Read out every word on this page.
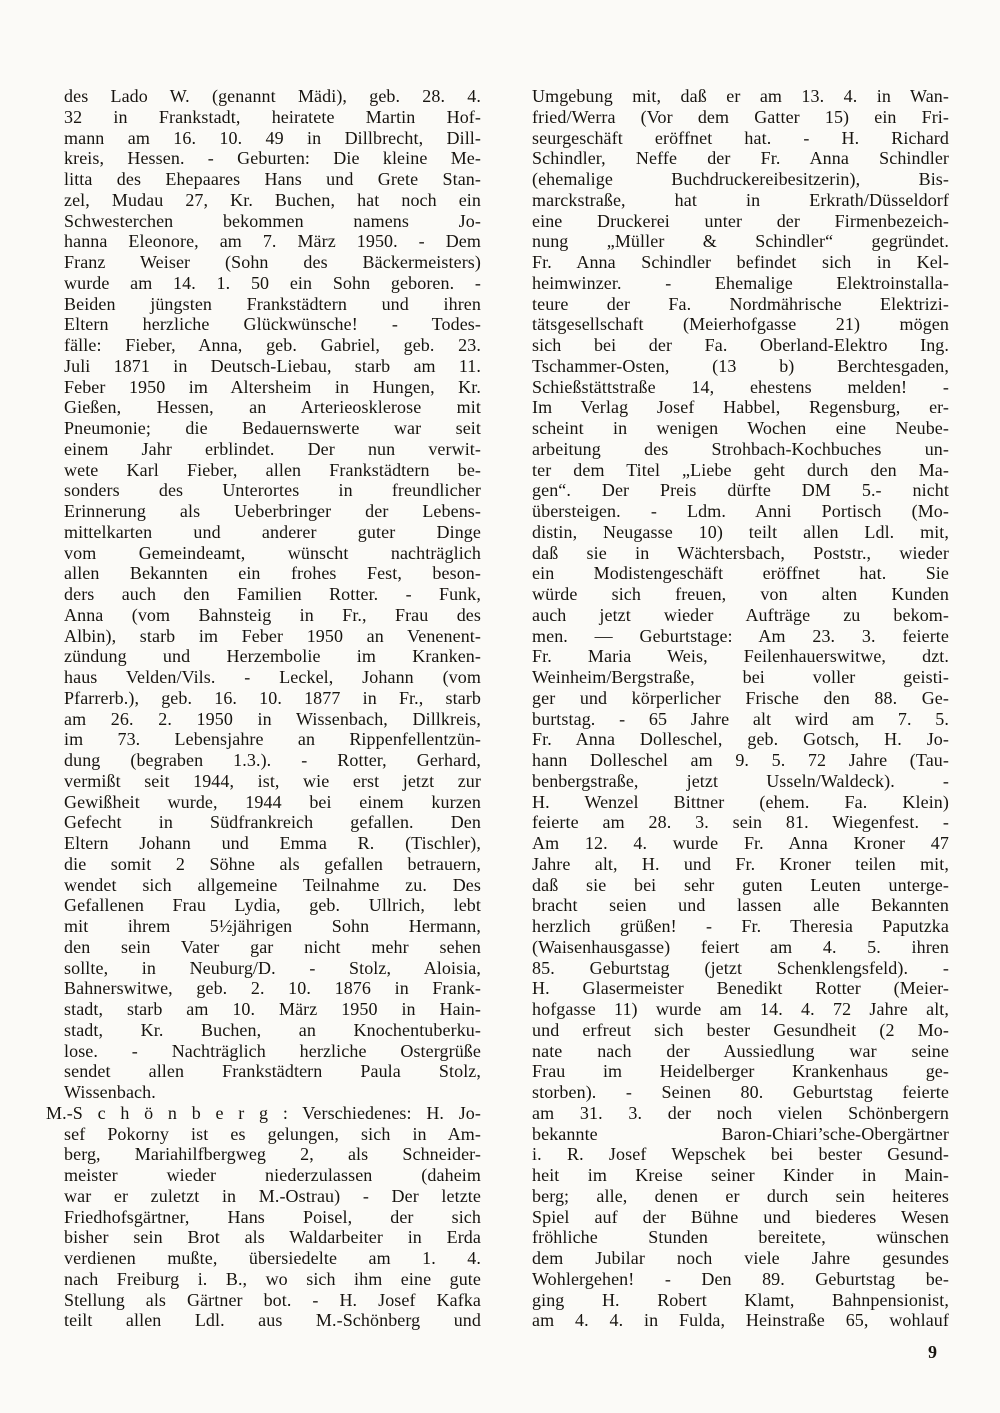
des Lado W. (genannt Mädi), geb. 28. 4.
32 in Frankstadt, heiratete Martin Hof-
mann am 16. 10. 49 in Dillbrecht, Dill-
kreis, Hessen. - Geburten: Die kleine Me-
litta des Ehepaares Hans und Grete Stan-
zel, Mudau 27, Kr. Buchen, hat noch ein
Schwesterchen bekommen namens Jo-
hanna Eleonore, am 7. März 1950. - Dem
Franz Weiser (Sohn des Bäckermeisters)
wurde am 14. 1. 50 ein Sohn geboren. -
Beiden jüngsten Frankstädtern und ihren
Eltern herzliche Glückwünsche! - Todes-
fälle: Fieber, Anna, geb. Gabriel, geb. 23.
Juli 1871 in Deutsch-Liebau, starb am 11.
Feber 1950 im Altersheim in Hungen, Kr.
Gießen, Hessen, an Arterieosklerose mit
Pneumonie; die Bedauernswerte war seit
einem Jahr erblindet. Der nun verwit-
wete Karl Fieber, allen Frankstädtern be-
sonders des Unterortes in freundlicher
Erinnerung als Ueberbringer der Lebens-
mittelkarten und anderer guter Dinge
vom Gemeindeamt, wünscht nachträglich
allen Bekannten ein frohes Fest, beson-
ders auch den Familien Rotter. - Funk,
Anna (vom Bahnsteig in Fr., Frau des
Albin), starb im Feber 1950 an Venenent-
zündung und Herzembolie im Kranken-
haus Velden/Vils. - Leckel, Johann (vom
Pfarrerb.), geb. 16. 10. 1877 in Fr., starb
am 26. 2. 1950 in Wissenbach, Dillkreis,
im 73. Lebensjahre an Rippenfellentzün-
dung (begraben 1.3.). - Rotter, Gerhard,
vermißt seit 1944, ist, wie erst jetzt zur
Gewißheit wurde, 1944 bei einem kurzen
Gefecht in Südfrankreich gefallen. Den
Eltern Johann und Emma R. (Tischler),
die somit 2 Söhne als gefallen betrauern,
wendet sich allgemeine Teilnahme zu. Des
Gefallenen Frau Lydia, geb. Ullrich, lebt
mit ihrem 5½jährigen Sohn Hermann,
den sein Vater gar nicht mehr sehen
sollte, in Neuburg/D. - Stolz, Aloisia,
Bahnerswitwe, geb. 2. 10. 1876 in Frank-
stadt, starb am 10. März 1950 in Hain-
stadt, Kr. Buchen, an Knochentuberku-
lose. - Nachträglich herzliche Ostergrüße
sendet allen Frankstädtern Paula Stolz,
Wissenbach.
M.-S c h ö n b e r g : Verschiedenes: H. Jo-
sef Pokorny ist es gelungen, sich in Am-
berg, Mariahilfbergweg 2, als Schneider-
meister wieder niederzulassen (daheim
war er zuletzt in M.-Ostrau) - Der letzte
Friedhofsgärtner, Hans Poisel, der sich
bisher sein Brot als Waldarbeiter in Erda
verdienen mußte, übersiedelte am 1. 4.
nach Freiburg i. B., wo sich ihm eine gute
Stellung als Gärtner bot. - H. Josef Kafka
teilt allen Ldl. aus M.-Schönberg und
Umgebung mit, daß er am 13. 4. in Wan-
fried/Werra (Vor dem Gatter 15) ein Fri-
seurgeschäft eröffnet hat. - H. Richard
Schindler, Neffe der Fr. Anna Schindler
(ehemalige Buchdruckereibesitzerin), Bis-
marckstraße, hat in Erkrath/Düsseldorf
eine Druckerei unter der Firmenbezeich-
nung „Müller & Schindler“ gegründet.
Fr. Anna Schindler befindet sich in Kel-
heimwinzer. - Ehemalige Elektroinstalla-
teure der Fa. Nordmährische Elektrizi-
tätsgesellschaft (Meierhofgasse 21) mögen
sich bei der Fa. Oberland-Elektro Ing.
Tschammer-Osten, (13 b) Berchtesgaden,
Schießstättstraße 14, ehestens melden! -
Im Verlag Josef Habbel, Regensburg, er-
scheint in wenigen Wochen eine Neube-
arbeitung des Strohbach-Kochbuches un-
ter dem Titel „Liebe geht durch den Ma-
gen“. Der Preis dürfte DM 5.- nicht
übersteigen. - Ldm. Anni Portisch (Mo-
distin, Neugasse 10) teilt allen Ldl. mit,
daß sie in Wächtersbach, Poststr., wieder
ein Modistengeschäft eröffnet hat. Sie
würde sich freuen, von alten Kunden
auch jetzt wieder Aufträge zu bekom-
men. — Geburtstage: Am 23. 3. feierte
Fr. Maria Weis, Feilenhauerswitwe, dzt.
Weinheim/Bergstraße, bei voller geisti-
ger und körperlicher Frische den 88. Ge-
burtstag. - 65 Jahre alt wird am 7. 5.
Fr. Anna Dolleschel, geb. Gotsch, H. Jo-
hann Dolleschel am 9. 5. 72 Jahre (Tau-
benbergstraße, jetzt Usseln/Waldeck). -
H. Wenzel Bittner (ehem. Fa. Klein)
feierte am 28. 3. sein 81. Wiegenfest. -
Am 12. 4. wurde Fr. Anna Kroner 47
Jahre alt, H. und Fr. Kroner teilen mit,
daß sie bei sehr guten Leuten unterge-
bracht seien und lassen alle Bekannten
herzlich grüßen! - Fr. Theresia Paputzka
(Waisenhausgasse) feiert am 4. 5. ihren
85. Geburtstag (jetzt Schenklengsfeld). -
H. Glasermeister Benedikt Rotter (Meier-
hofgasse 11) wurde am 14. 4. 72 Jahre alt,
und erfreut sich bester Gesundheit (2 Mo-
nate nach der Aussiedlung war seine
Frau im Heidelberger Krankenhaus ge-
storben). - Seinen 80. Geburtstag feierte
am 31. 3. der noch vielen Schönbergern
bekannte Baron-Chiari’sche-Obergärtner
i. R. Josef Wepschek bei bester Gesund-
heit im Kreise seiner Kinder in Main-
berg; alle, denen er durch sein heiteres
Spiel auf der Bühne und biederes Wesen
fröhliche Stunden bereitete, wünschen
dem Jubilar noch viele Jahre gesundes
Wohlergehen! - Den 89. Geburtstag be-
ging H. Robert Klamt, Bahnpensionist,
am 4. 4. in Fulda, Heinstraße 65, wohlauf
9
